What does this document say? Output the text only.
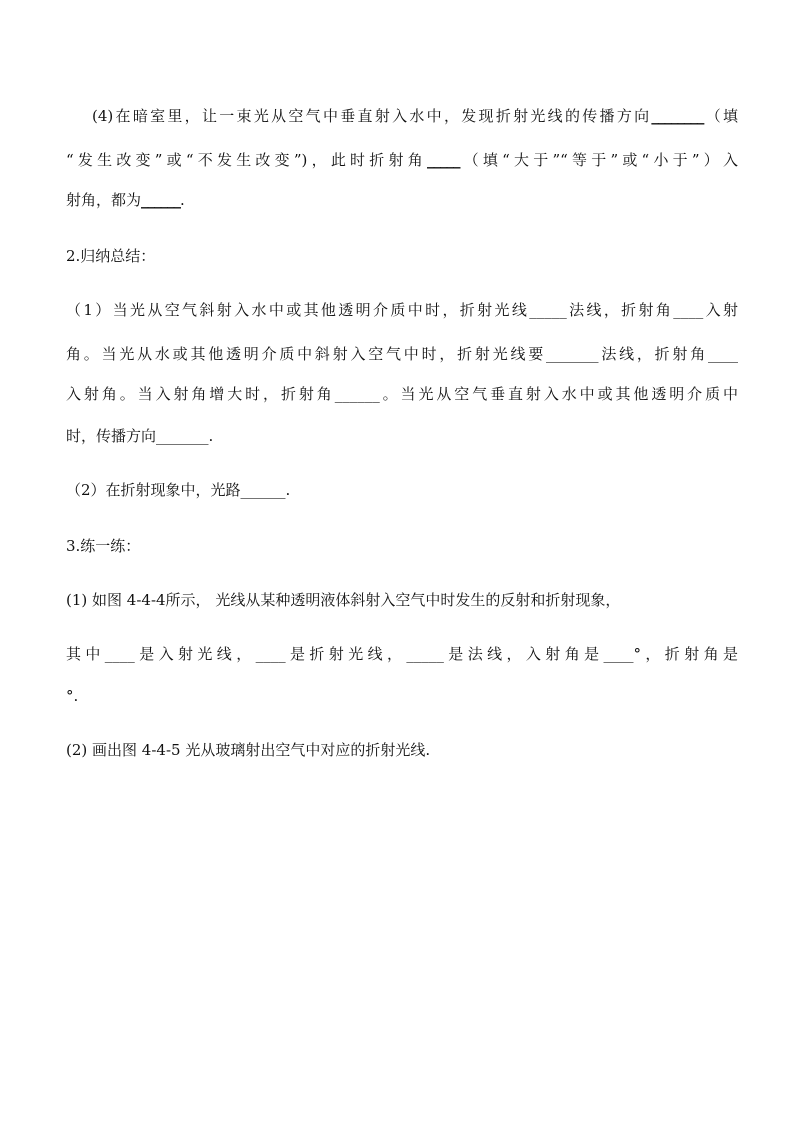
(4)在暗室里，让一束光从空气中垂直射入水中，发现折射光线的传播方向________（填
“发生改变”或“不发生改变”)，此时折射角_____（填“大于”“等于”或“小于”）入
射角，都为______.
2.归纳总结：
（1）当光从空气斜射入水中或其他透明介质中时，折射光线_____法线，折射角____入射
角。当光从水或其他透明介质中斜射入空气中时，折射光线要_______法线，折射角____
入射角。当入射角增大时，折射角______。当光从空气垂直射入水中或其他透明介质中
时，传播方向_______.
（2）在折射现象中，光路______.
3.练一练：
(1) 如图 4-4-4所示， 光线从某种透明液体斜射入空气中时发生的反射和折射现象，
其中____是入射光线，____是折射光线，_____是法线，入射角是____°，折射角是
°.
(2) 画出图 4-4-5 光从玻璃射出空气中对应的折射光线.
